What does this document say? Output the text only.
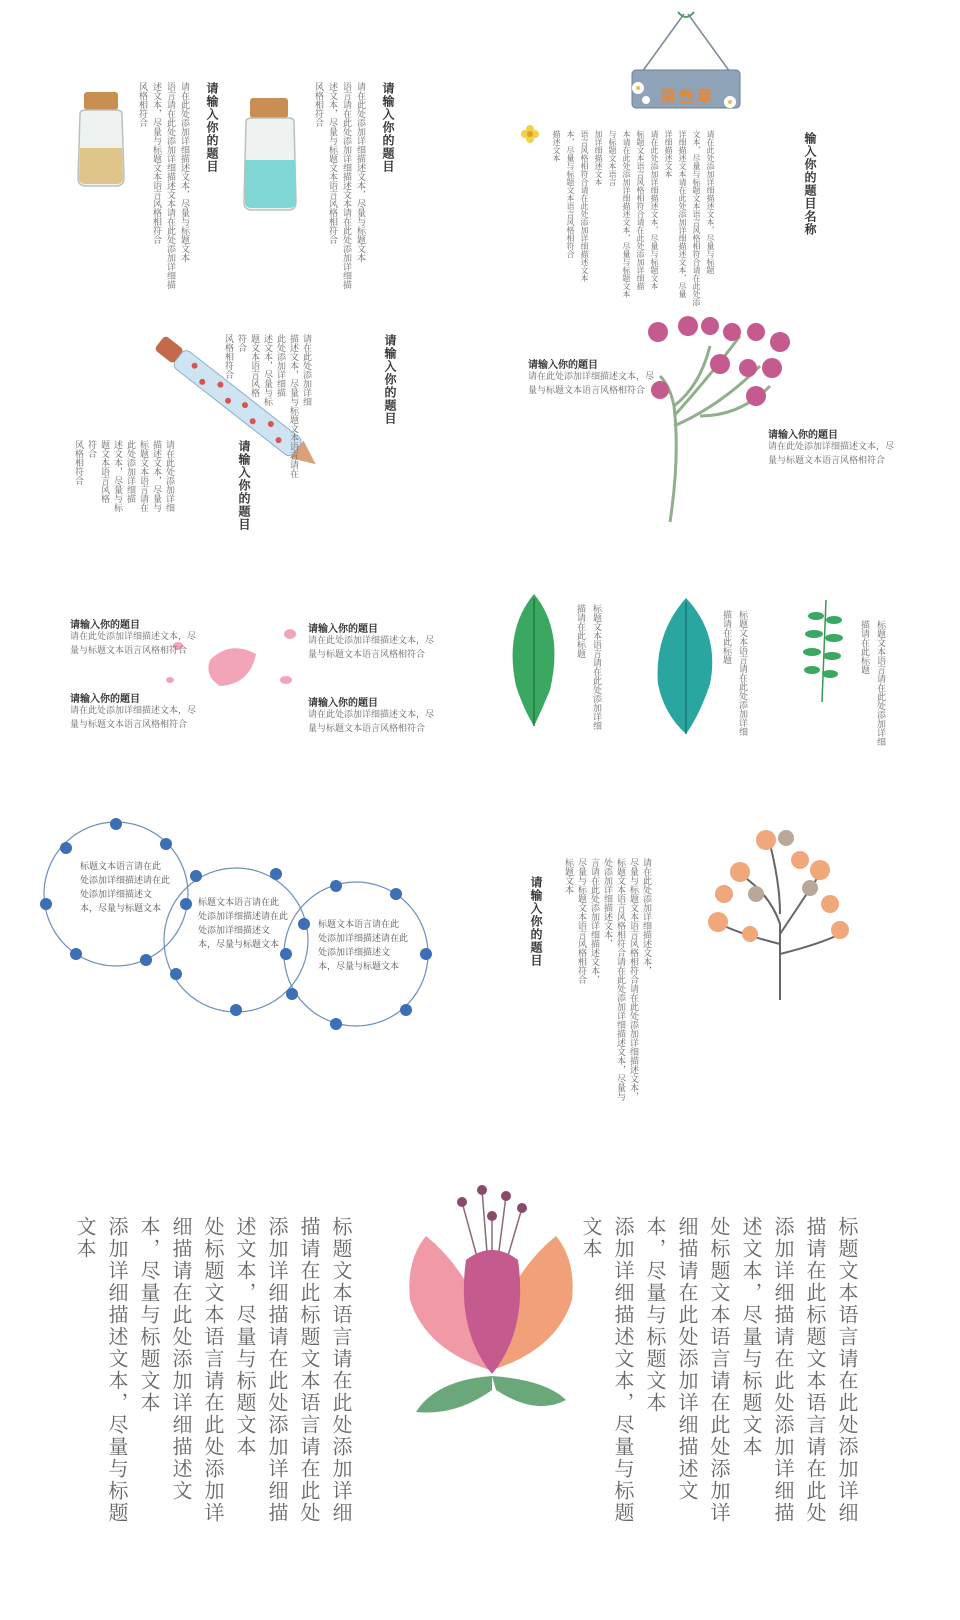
请输入你的题目
请在此处添加详细描述文本，尽量与标题文本
语言请在此处添加详细描述文本请在此处添加详细描
述文本，尽量与标题文本语言风格相符合
风格相符合	请输入你的题目
请在此处添加详细描述文本，尽量与标题文本
语言请在此处添加详细描述文本请在此处添加详细描
述文本，尽量与标题文本语言风格相符合
风格相符合	第叁章
输入你的题目名称
请在此处添加详细描述文本，尽量与标题
文本，尽量与标题文本语言风格相符合请在此处添
详细描述文本请在此处添加详细描述文本，尽量
详细描述文本
请在此处添加详细描述文本，尽量与标题文本
标题文本语言风格相符合请在此处添加详细描
本请在此处添加详细描述文本，尽量与标题文本
与标题文本语言
加详细描述文本
语言风格相符合请在此处添加详细描述文本
本，尽量与标题文本语言风格相符合
描述文本
请输入你的题目
请在此处添加详细
描述文本，尽量与标题文本语言请在
此处添加详细描
述文本，尽量与标
题文本语言风格
符合
风格相符合
请输入你的题目
请在此处添加详细
描述文本，尽量与
标题文本语言请在
此处添加详细描
述文本，尽量与标
题文本语言风格
符合
风格相符合
请输入你的题目
请在此处添加详细描述文本，尽
量与标题文本语言风格相符合
请输入你的题目
请在此处添加详细描述文本，尽
量与标题文本语言风格相符合
请输入你的题目
请在此处添加详细描述文本，尽
量与标题文本语言风格相符合
请输入你的题目
请在此处添加详细描述文本，尽
量与标题文本语言风格相符合
请输入你的题目
请在此处添加详细描述文本，尽
量与标题文本语言风格相符合
请输入你的题目
请在此处添加详细描述文本，尽
量与标题文本语言风格相符合
描请在此标题 标题文本语言请在此处添加详细	描请在此标题 标题文本语言请在此处添加详细	描请在此标题 标题文本语言请在此处添加详细
标题文本语言请在此
处添加详细描述请在此
处添加详细描述文
本，尽量与标题文本
标题文本语言请在此
处添加详细描述请在此
处添加详细描述文
本，尽量与标题文本
标题文本语言请在此
处添加详细描述请在此
处添加详细描述文
本，尽量与标题文本	请输入你的题目	请在此处添加详细描述文本，
尽量与标题文本语言风格相符合请在此处添加详细描述文本，
标题文本语言风格相符合请在此处添加详细描述文本，尽量与
处添加详细描述文本，
言请在此处添加详细描述文本，
尽量与标题文本语言风格相符合
标题文本
标题文本语言请在此处添加详细
描请在此标题文本语言请在此处
添加详细描请在此处添加详细描
述文本，尽量与标题文本
处标题文本语言请在此处添加详
细描请在此处添加详细描述文
本，尽量与标题文本
添加详细描述文本，尽量与标题
文本	标题文本语言请在此处添加详细
描请在此标题文本语言请在此处
添加详细描请在此处添加详细描
述文本，尽量与标题文本
处标题文本语言请在此处添加详
细描请在此处添加详细描述文
本，尽量与标题文本
添加详细描述文本，尽量与标题
文本
